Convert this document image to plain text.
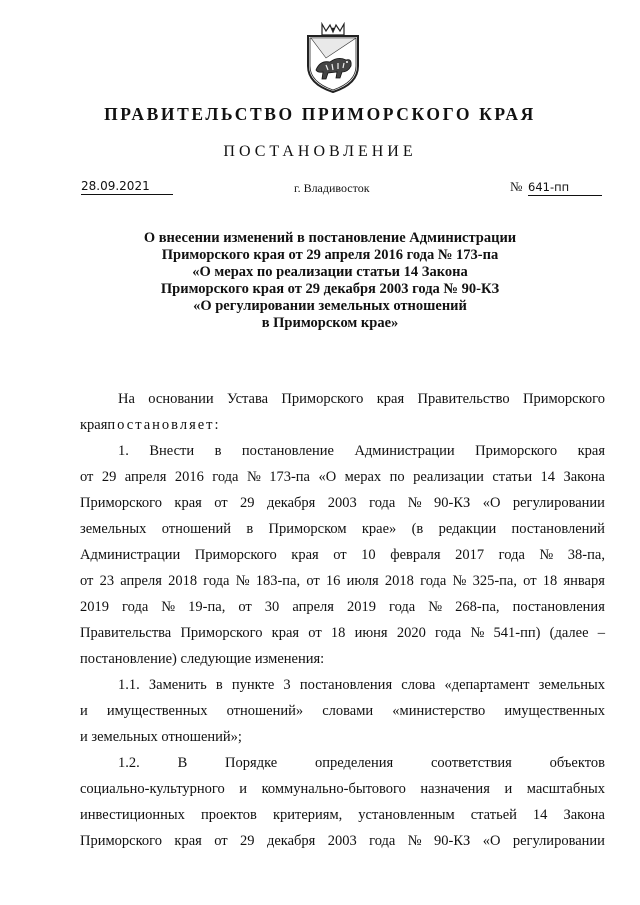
ПРАВИТЕЛЬСТВО ПРИМОРСКОГО КРАЯ
ПОСТАНОВЛЕНИЕ
28.09.2021	г. Владивосток	№ 641-пп
О внесении изменений в постановление Администрации
Приморского края от 29 апреля 2016 года № 173-па
«О мерах по реализации статьи 14 Закона
Приморского края от 29 декабря 2003 года № 90-КЗ
«О регулировании земельных отношений
в Приморском крае»
На основании Устава Приморского края Правительство Приморского
края постановляет:
1. Внести в постановление Администрации Приморского края
от 29 апреля 2016 года № 173-па «О мерах по реализации статьи 14 Закона
Приморского края от 29 декабря 2003 года № 90-КЗ «О регулировании
земельных отношений в Приморском крае» (в редакции постановлений
Администрации Приморского края от 10 февраля 2017 года № 38-па,
от 23 апреля 2018 года № 183-па, от 16 июля 2018 года № 325-па, от 18 января
2019 года № 19-па, от 30 апреля 2019 года № 268-па, постановления
Правительства Приморского края от 18 июня 2020 года № 541-пп) (далее –
постановление) следующие изменения:
1.1. Заменить в пункте 3 постановления слова «департамент земельных
и имущественных отношений» словами «министерство имущественных
и земельных отношений»;
1.2.	В	Порядке	определения	соответствия	объектов
социально-культурного и коммунально-бытового назначения и масштабных
инвестиционных проектов критериям, установленным статьей 14 Закона
Приморского края от 29 декабря 2003 года № 90-КЗ «О регулировании
